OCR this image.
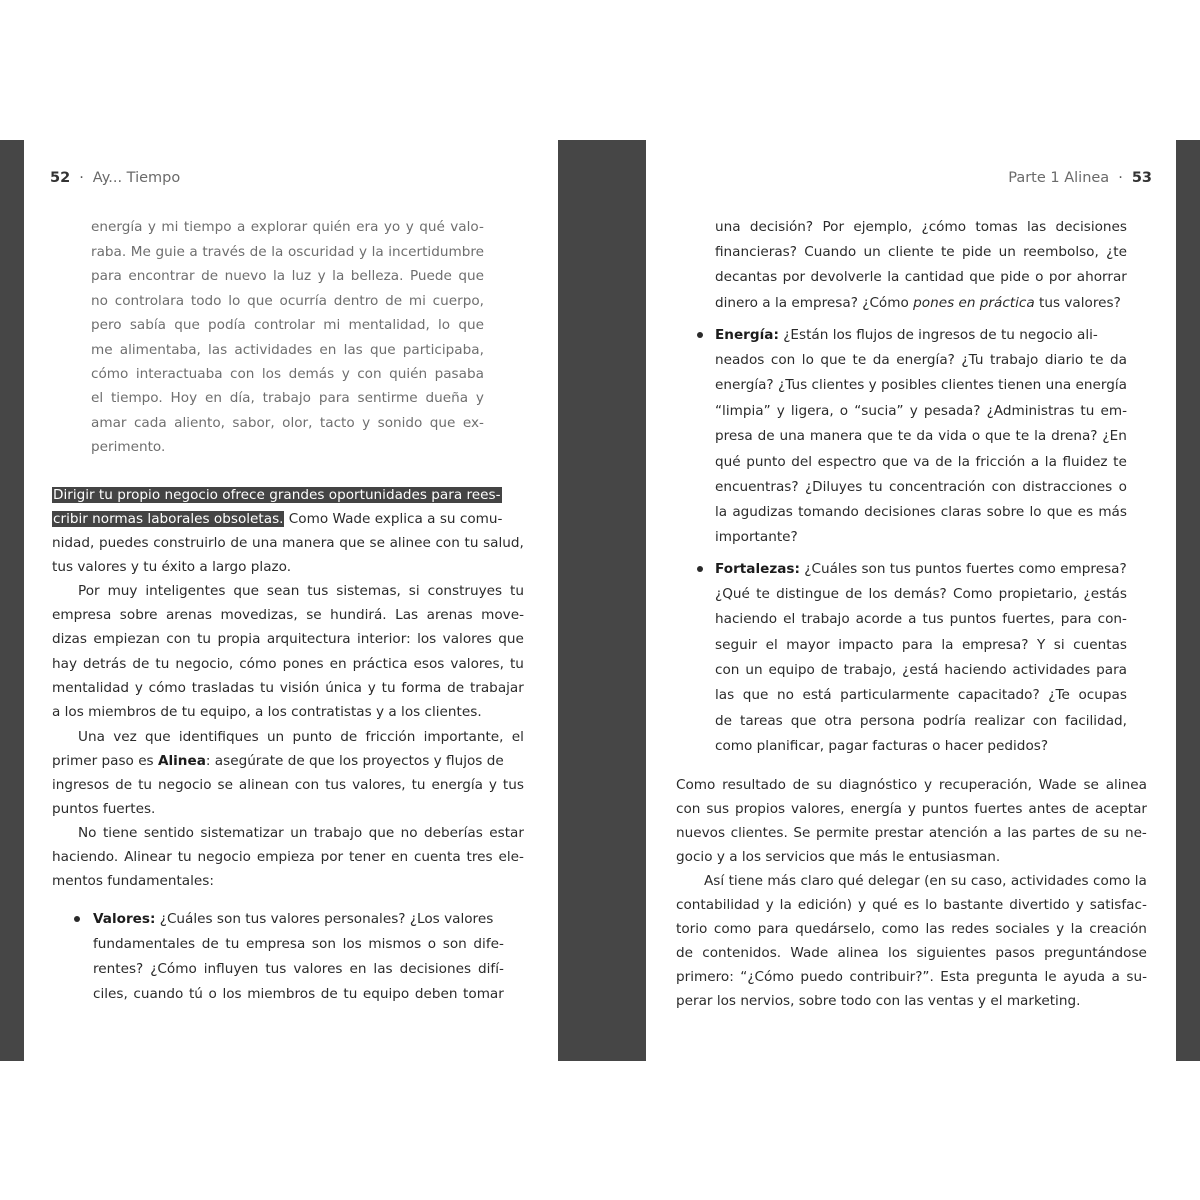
52 · Ay... Tiempo	Parte 1 Alinea · 53
energía y mi tiempo a explorar quién era yo y qué valo-
raba. Me guie a través de la oscuridad y la incertidumbre
para encontrar de nuevo la luz y la belleza. Puede que
no controlara todo lo que ocurría dentro de mi cuerpo,
pero sabía que podía controlar mi mentalidad, lo que
me alimentaba, las actividades en las que participaba,
cómo interactuaba con los demás y con quién pasaba
el tiempo. Hoy en día, trabajo para sentirme dueña y
amar cada aliento, sabor, olor, tacto y sonido que ex-
perimento.
Dirigir tu propio negocio ofrece grandes oportunidades para rees-
cribir normas laborales obsoletas. Como Wade explica a su comu-
nidad, puedes construirlo de una manera que se alinee con tu salud,
tus valores y tu éxito a largo plazo.
Por muy inteligentes que sean tus sistemas, si construyes tu
empresa sobre arenas movedizas, se hundirá. Las arenas move-
dizas empiezan con tu propia arquitectura interior: los valores que
hay detrás de tu negocio, cómo pones en práctica esos valores, tu
mentalidad y cómo trasladas tu visión única y tu forma de trabajar
a los miembros de tu equipo, a los contratistas y a los clientes.
Una vez que identifiques un punto de fricción importante, el
primer paso es Alinea: asegúrate de que los proyectos y flujos de
ingresos de tu negocio se alinean con tus valores, tu energía y tus
puntos fuertes.
No tiene sentido sistematizar un trabajo que no deberías estar
haciendo. Alinear tu negocio empieza por tener en cuenta tres ele-
mentos fundamentales:
Valores: ¿Cuáles son tus valores personales? ¿Los valores
fundamentales de tu empresa son los mismos o son dife-
rentes? ¿Cómo influyen tus valores en las decisiones difí-
ciles, cuando tú o los miembros de tu equipo deben tomar
una decisión? Por ejemplo, ¿cómo tomas las decisiones
financieras? Cuando un cliente te pide un reembolso, ¿te
decantas por devolverle la cantidad que pide o por ahorrar
dinero a la empresa? ¿Cómo pones en práctica tus valores?
Energía: ¿Están los flujos de ingresos de tu negocio ali-
neados con lo que te da energía? ¿Tu trabajo diario te da
energía? ¿Tus clientes y posibles clientes tienen una energía
“limpia” y ligera, o “sucia” y pesada? ¿Administras tu em-
presa de una manera que te da vida o que te la drena? ¿En
qué punto del espectro que va de la fricción a la fluidez te
encuentras? ¿Diluyes tu concentración con distracciones o
la agudizas tomando decisiones claras sobre lo que es más
importante?
Fortalezas: ¿Cuáles son tus puntos fuertes como empresa?
¿Qué te distingue de los demás? Como propietario, ¿estás
haciendo el trabajo acorde a tus puntos fuertes, para con-
seguir el mayor impacto para la empresa? Y si cuentas
con un equipo de trabajo, ¿está haciendo actividades para
las que no está particularmente capacitado? ¿Te ocupas
de tareas que otra persona podría realizar con facilidad,
como planificar, pagar facturas o hacer pedidos?
Como resultado de su diagnóstico y recuperación, Wade se alinea
con sus propios valores, energía y puntos fuertes antes de aceptar
nuevos clientes. Se permite prestar atención a las partes de su ne-
gocio y a los servicios que más le entusiasman.
Así tiene más claro qué delegar (en su caso, actividades como la
contabilidad y la edición) y qué es lo bastante divertido y satisfac-
torio como para quedárselo, como las redes sociales y la creación
de contenidos. Wade alinea los siguientes pasos preguntándose
primero: “¿Cómo puedo contribuir?”. Esta pregunta le ayuda a su-
perar los nervios, sobre todo con las ventas y el marketing.
